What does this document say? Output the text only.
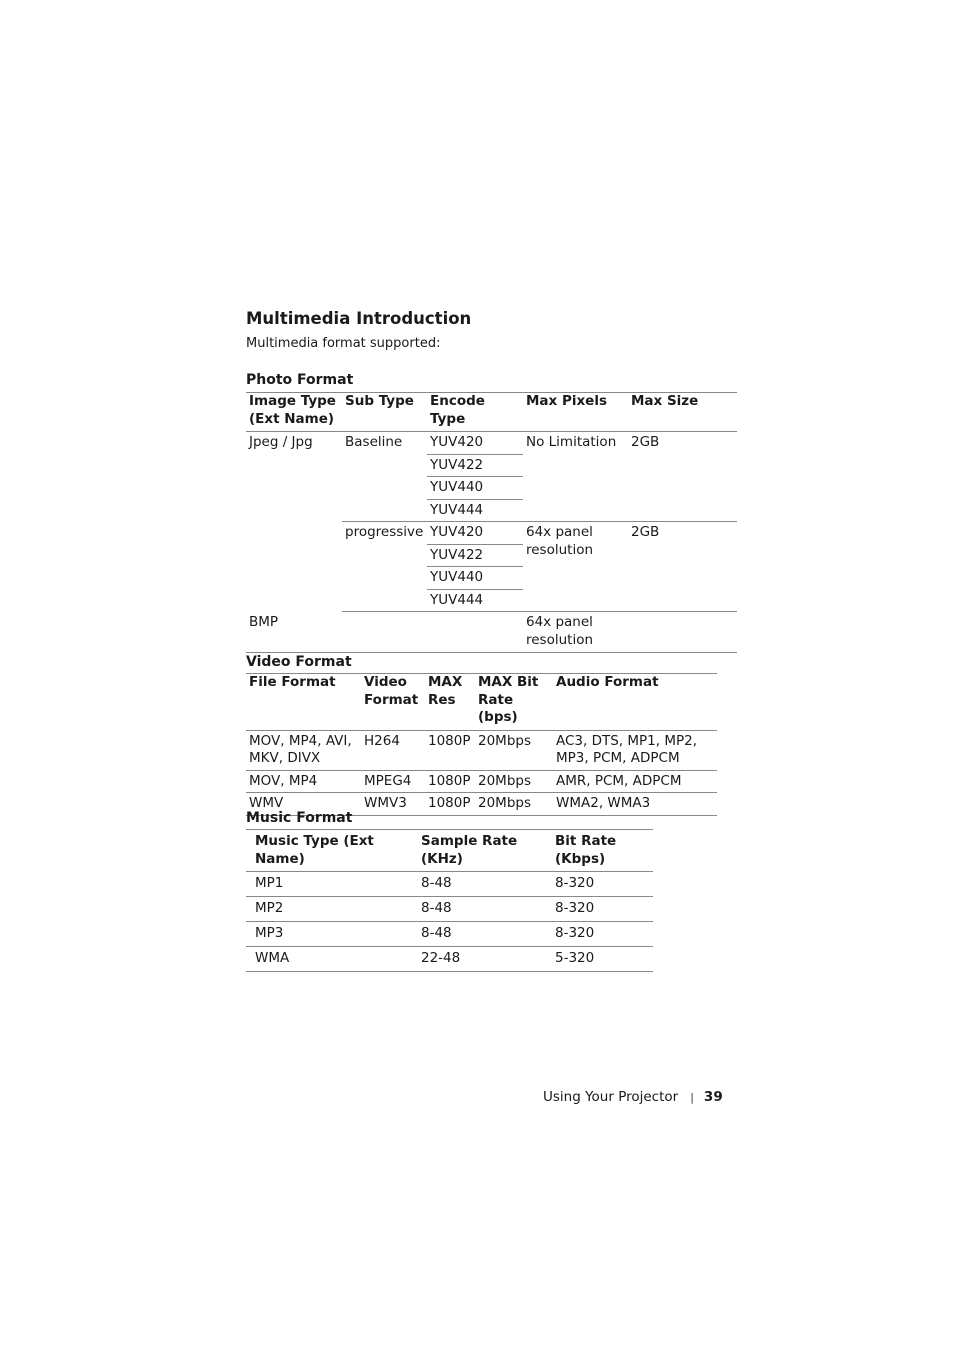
Multimedia Introduction

Multimedia format supported:

Photo Format

Image Type (Ext Name)	Sub Type	Encode Type	Max Pixels	Max Size
Jpeg / Jpg	Baseline	YUV420	No Limitation	2GB
		YUV422		
		YUV440		
		YUV444		
	progressive	YUV420	64x panel resolution	2GB
		YUV422		
		YUV440		
		YUV444		
BMP			64x panel resolution	

Video Format

File Format	Video Format	MAX Res	MAX Bit Rate (bps)	Audio Format
MOV, MP4, AVI, MKV, DIVX	H264	1080P	20Mbps	AC3, DTS, MP1, MP2, MP3, PCM, ADPCM
MOV, MP4	MPEG4	1080P	20Mbps	AMR, PCM, ADPCM
WMV	WMV3	1080P	20Mbps	WMA2, WMA3

Music Format

Music Type (Ext Name)	Sample Rate (KHz)	Bit Rate (Kbps)
MP1	8-48	8-320
MP2	8-48	8-320
MP3	8-48	8-320
WMA	22-48	5-320
Using Your Projector | 39
